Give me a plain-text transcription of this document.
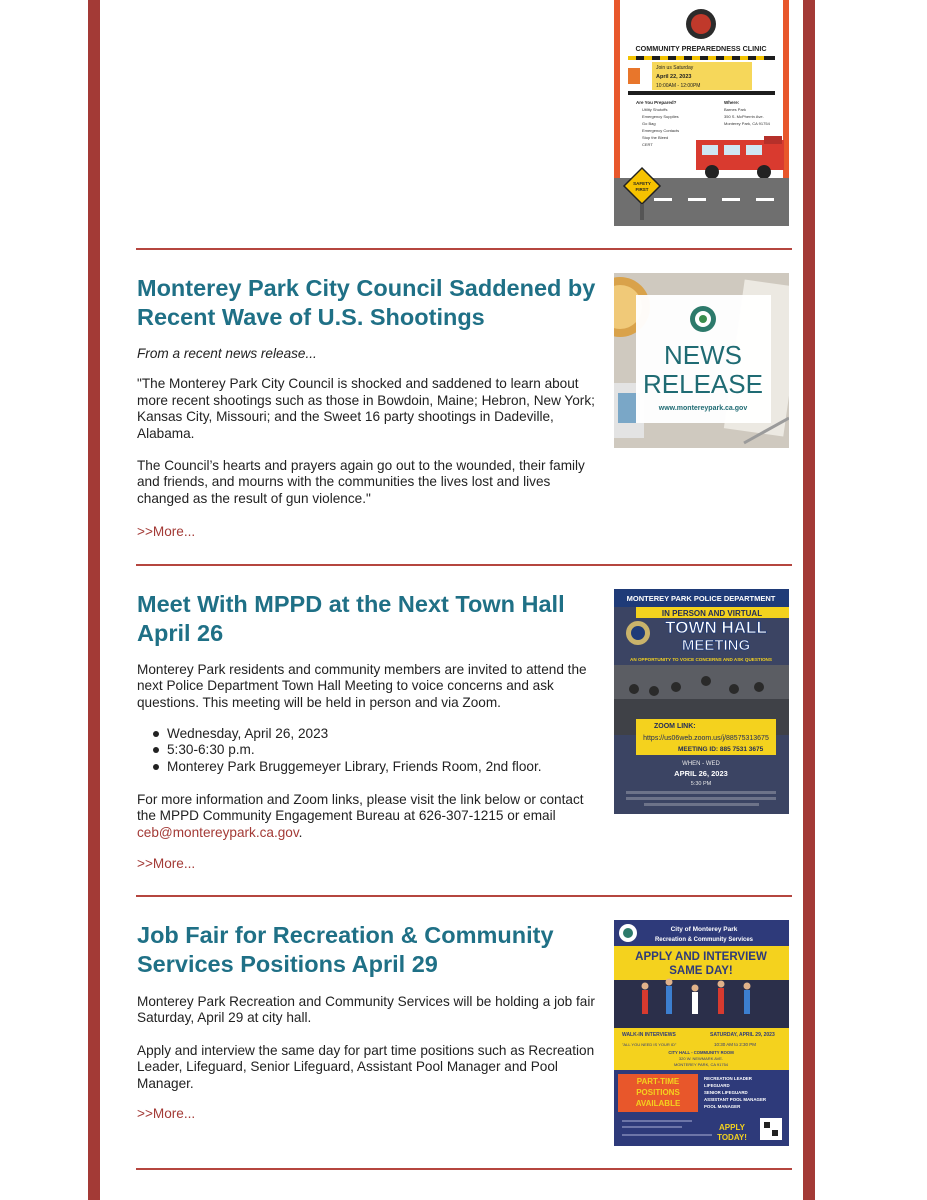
COMMUNITY PREPAREDNESS CLINIC
Join us Saturday
April 22, 2023
10:00AM - 12:00PM
Are You Prepared?
Utility Shutoffs
Emergency Supplies
Go Bag
Emergency Contacts
Stop the Bleed
CERT
Where:
Barnes Park
350 S. McPherrin Ave.
Monterey Park, CA 91754
SAFETY
FIRST
Monterey Park City Council Saddened by Recent Wave of U.S. Shootings

From a recent news release...

"The Monterey Park City Council is shocked and saddened to learn about more recent shootings such as those in Bowdoin, Maine; Hebron, New York; Kansas City, Missouri; and the Sweet 16 party shootings in Dadeville, Alabama.

The Council’s hearts and prayers again go out to the wounded, their family and friends, and mourns with the communities the lives lost and lives changed as the result of gun violence."

>>More...
NEWS
RELEASE
www.montereypark.ca.gov
Meet With MPPD at the Next Town Hall April 26
Monterey Park residents and community members are invited to attend the next Police Department Town Hall Meeting to voice concerns and ask questions. This meeting will be held in person and via Zoom.
Wednesday, April 26, 2023
5:30-6:30 p.m.
Monterey Park Bruggemeyer Library, Friends Room, 2nd floor.
For more information and Zoom links, please visit the link below or contact the MPPD Community Engagement Bureau at 626-307-1215 or email ceb@montereypark.ca.gov.
>>More...
MONTEREY PARK POLICE DEPARTMENT
IN PERSON AND VIRTUAL
TOWN HALL
MEETING
AN OPPORTUNITY TO VOICE CONCERNS AND ASK QUESTIONS
ZOOM LINK:
https://us06web.zoom.us/j/88575313675
MEETING ID: 885 7531 3675
WHEN - WED
APRIL 26, 2023
5:30 PM
Job Fair for Recreation & Community Services Positions April 29

Monterey Park Recreation and Community Services will be holding a job fair Saturday, April 29 at city hall.

Apply and interview the same day for part time positions such as Recreation Leader, Lifeguard, Senior Lifeguard, Assistant Pool Manager and Pool Manager.

>>More...
City of Monterey Park
Recreation & Community Services
APPLY AND INTERVIEW
SAME DAY!
WALK-IN INTERVIEWS
"ALL YOU NEED IS YOUR ID"
SATURDAY, APRIL 29, 2023
10:30 AM to 2:30 PM
CITY HALL - COMMUNITY ROOM
320 W. NEWMARK AVE.
MONTEREY PARK, CA 91754
PART-TIME
POSITIONS
AVAILABLE
RECREATION LEADER
LIFEGUARD
SENIOR LIFEGUARD
ASSISTANT POOL MANAGER
POOL MANAGER
APPLY
TODAY!
